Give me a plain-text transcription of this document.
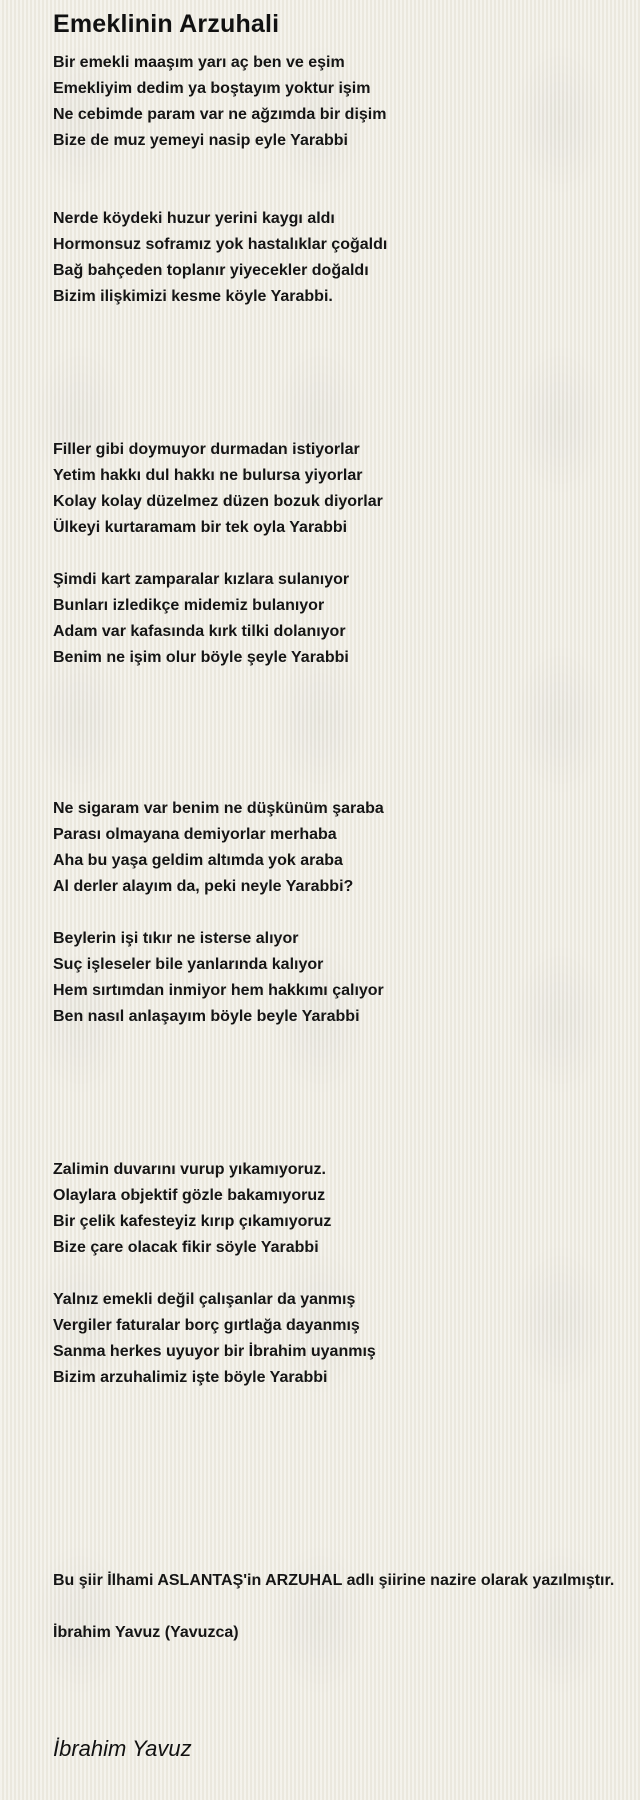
Emeklinin Arzuhali
Bir emekli maaşım yarı aç ben ve eşim
Emekliyim dedim ya boştayım yoktur işim
Ne cebimde param var ne ağzımda bir dişim
Bize de muz yemeyi nasip eyle Yarabbi
Nerde köydeki huzur yerini kaygı aldı
Hormonsuz soframız yok hastalıklar çoğaldı
Bağ bahçeden toplanır yiyecekler doğaldı
Bizim ilişkimizi kesme köyle Yarabbi.
Filler gibi doymuyor durmadan istiyorlar
Yetim hakkı dul hakkı ne bulursa yiyorlar
Kolay kolay düzelmez düzen bozuk diyorlar
Ülkeyi kurtaramam bir tek oyla Yarabbi
Şimdi kart zamparalar kızlara sulanıyor
Bunları izledikçe midemiz bulanıyor
Adam var kafasında kırk tilki dolanıyor
Benim ne işim olur böyle şeyle Yarabbi
Ne sigaram var benim ne düşkünüm şaraba
Parası olmayana demiyorlar merhaba
Aha bu yaşa geldim altımda yok araba
Al derler alayım da, peki neyle Yarabbi?
Beylerin işi tıkır ne isterse alıyor
Suç işleseler bile yanlarında kalıyor
Hem sırtımdan inmiyor hem hakkımı çalıyor
Ben nasıl anlaşayım böyle beyle Yarabbi
Zalimin duvarını vurup yıkamıyoruz.
Olaylara objektif gözle bakamıyoruz
Bir çelik kafesteyiz kırıp çıkamıyoruz
Bize çare olacak fikir söyle Yarabbi
Yalnız emekli değil çalışanlar da yanmış
Vergiler faturalar borç gırtlağa dayanmış
Sanma herkes uyuyor bir İbrahim uyanmış
Bizim arzuhalimiz işte böyle Yarabbi

Bu şiir İlhami ASLANTAŞ'in ARZUHAL adlı şiirine nazire olarak yazılmıştır.

İbrahim Yavuz (Yavuzca)

İbrahim Yavuz
